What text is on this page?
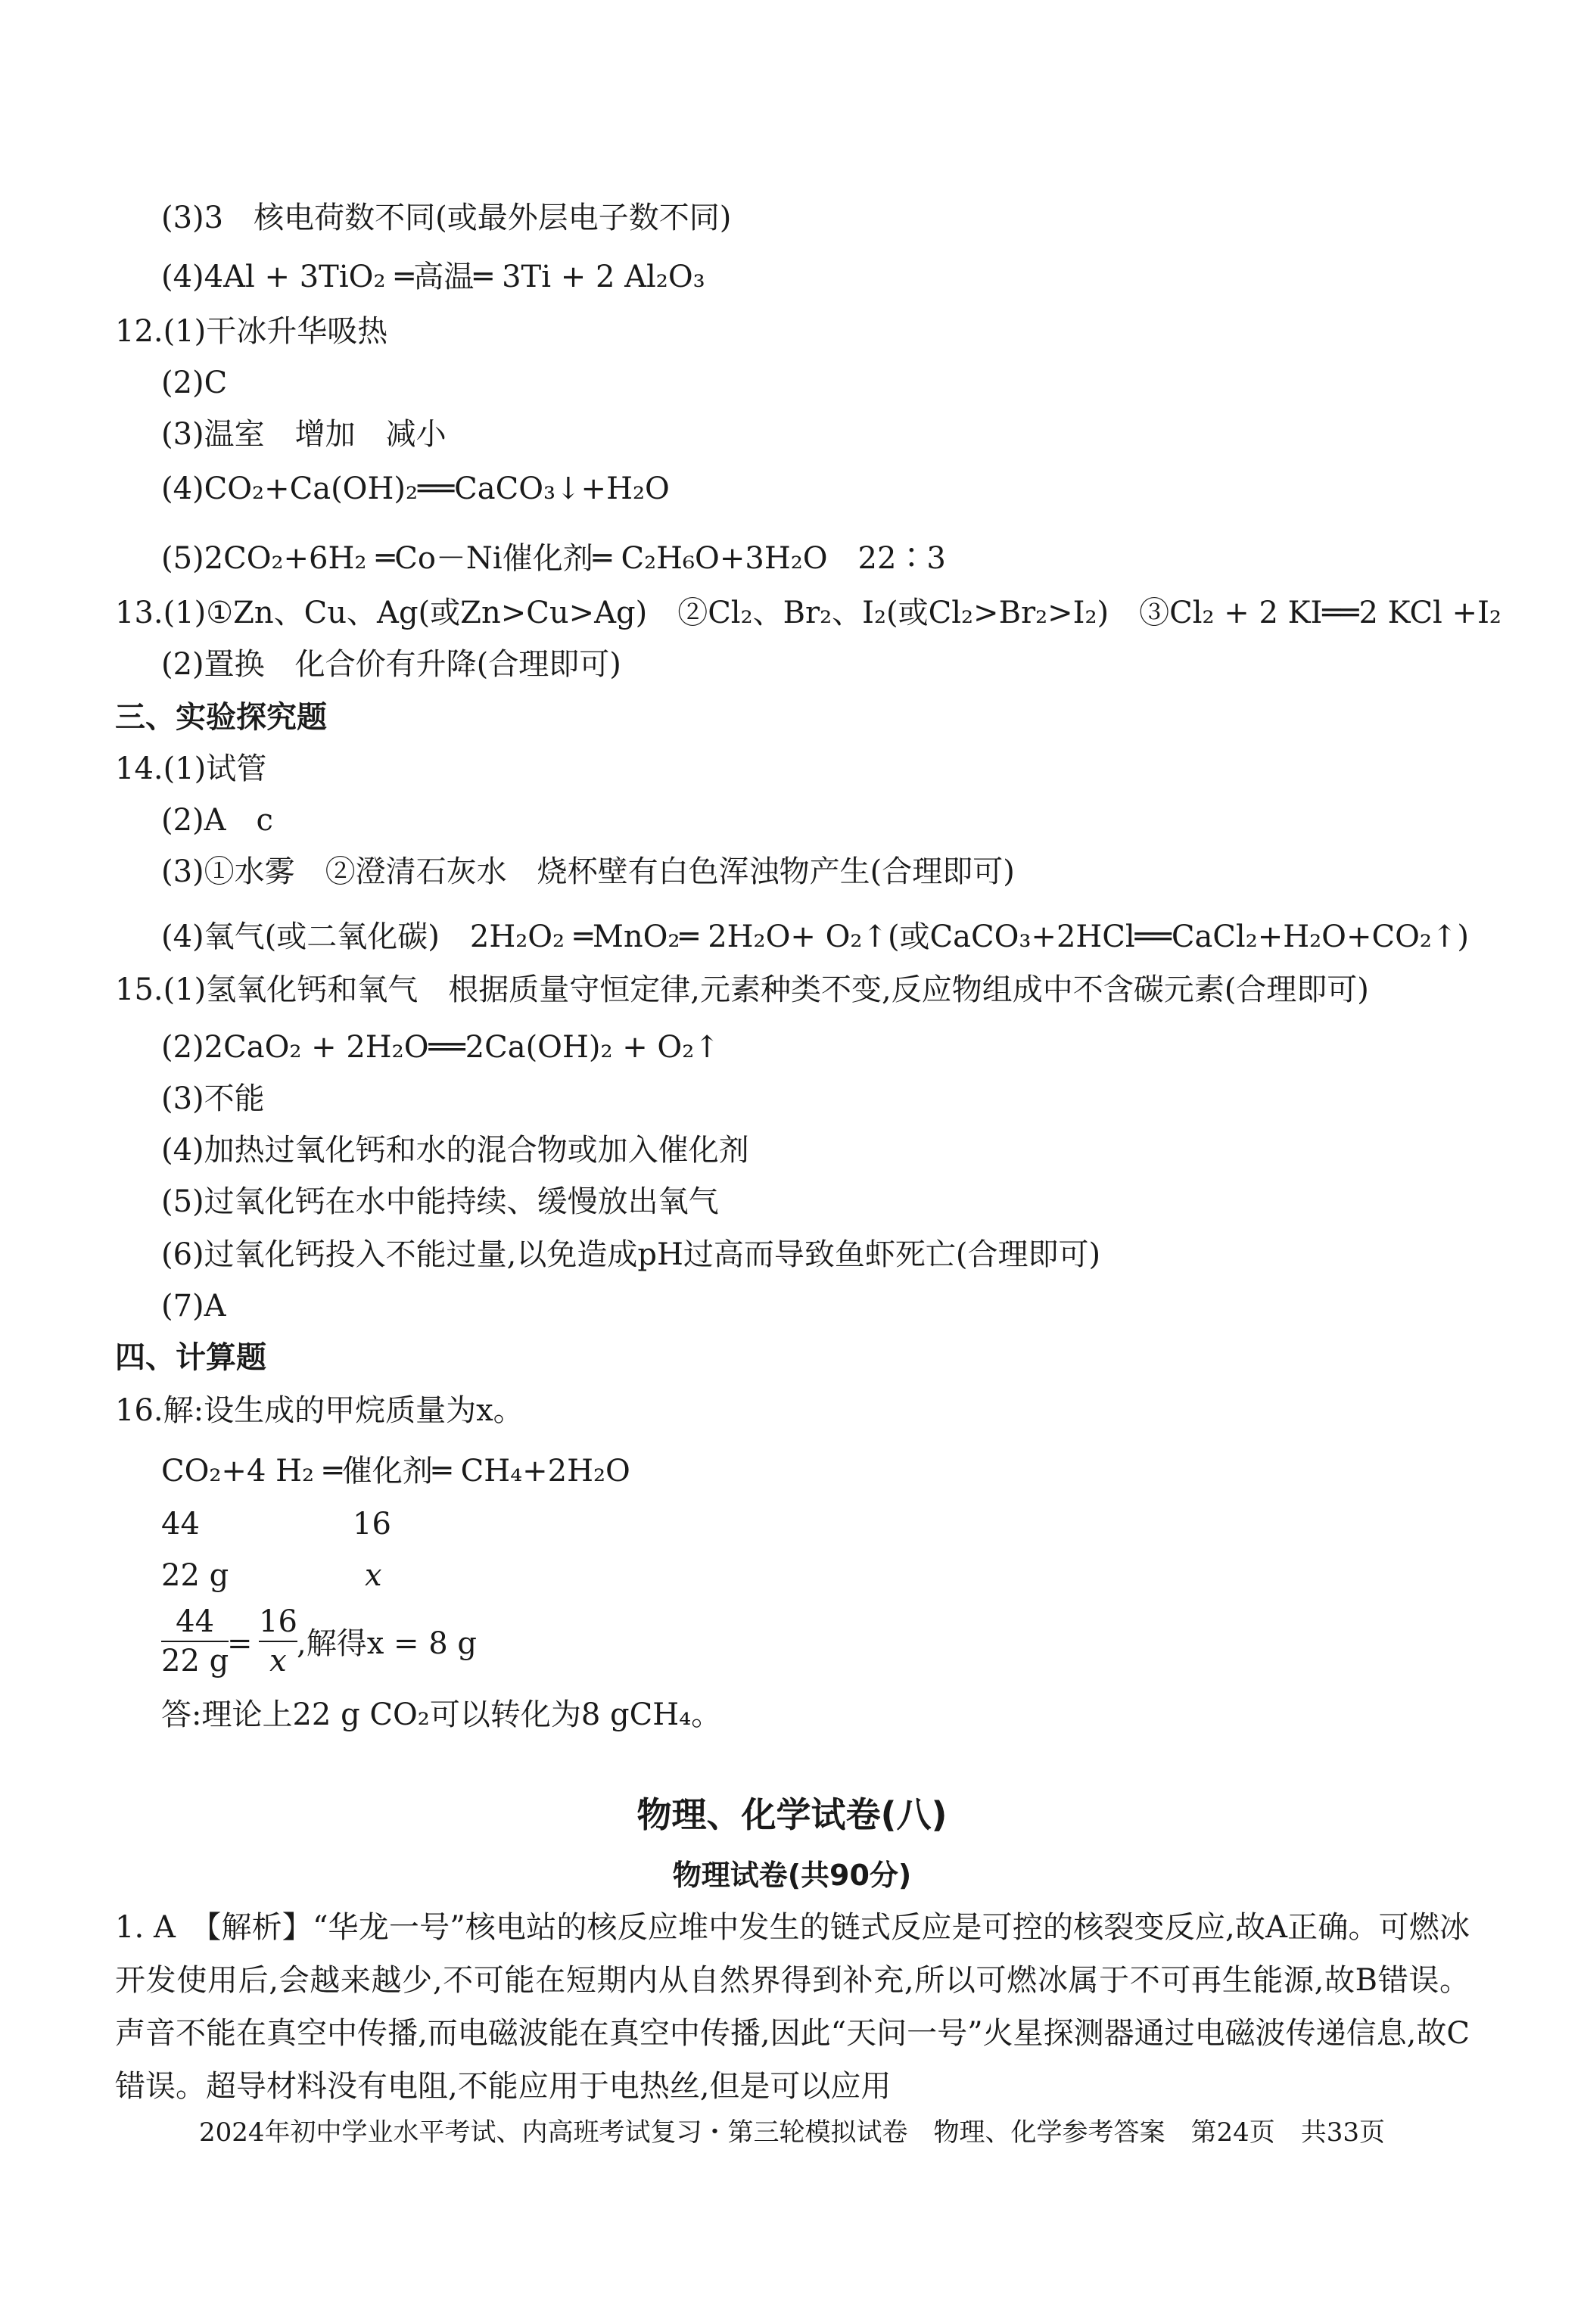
(3)3　核电荷数不同(或最外层电子数不同)
(4)4Al + 3TiO₂ ═高温═ 3Ti + 2 Al₂O₃
12.(1)干冰升华吸热
(2)C
(3)温室　增加　减小
(4)CO₂+Ca(OH)₂══CaCO₃↓+H₂O
(5)2CO₂+6H₂ ═Co－Ni催化剂═ C₂H₆O+3H₂O　22∶3
13.(1)①Zn、Cu、Ag(或Zn>Cu>Ag)　②Cl₂、Br₂、I₂(或Cl₂>Br₂>I₂)　③Cl₂ + 2 KI══2 KCl +I₂
(2)置换　化合价有升降(合理即可)
三、实验探究题
14.(1)试管
(2)A　c
(3)①水雾　②澄清石灰水　烧杯壁有白色浑浊物产生(合理即可)
(4)氧气(或二氧化碳)　2H₂O₂ ═MnO₂═ 2H₂O+ O₂↑(或CaCO₃+2HCl══CaCl₂+H₂O+CO₂↑)
15.(1)氢氧化钙和氧气　根据质量守恒定律,元素种类不变,反应物组成中不含碳元素(合理即可)
(2)2CaO₂ + 2H₂O══2Ca(OH)₂ + O₂↑
(3)不能
(4)加热过氧化钙和水的混合物或加入催化剂
(5)过氧化钙在水中能持续、缓慢放出氧气
(6)过氧化钙投入不能过量,以免造成pH过高而导致鱼虾死亡(合理即可)
(7)A
四、计算题
16.解:设生成的甲烷质量为x。
CO₂+4 H₂ ═催化剂═ CH₄+2H₂O
44	16
22 g	x
44
22 g
=
16
x ,解得x = 8 g
答:理论上22 g CO₂可以转化为8 gCH₄。
物理、化学试卷(八)
物理试卷(共90分)
1. A　【解析】“华龙一号”核电站的核反应堆中发生的链式反应是可控的核裂变反应,故A正确。可燃冰开发使用后,会越来越少,不可能在短期内从自然界得到补充,所以可燃冰属于不可再生能源,故B错误。声音不能在真空中传播,而电磁波能在真空中传播,因此“天问一号”火星探测器通过电磁波传递信息,故C错误。超导材料没有电阻,不能应用于电热丝,但是可以应用
2024年初中学业水平考试、内高班考试复习・第三轮模拟试卷　物理、化学参考答案　第24页　共33页
